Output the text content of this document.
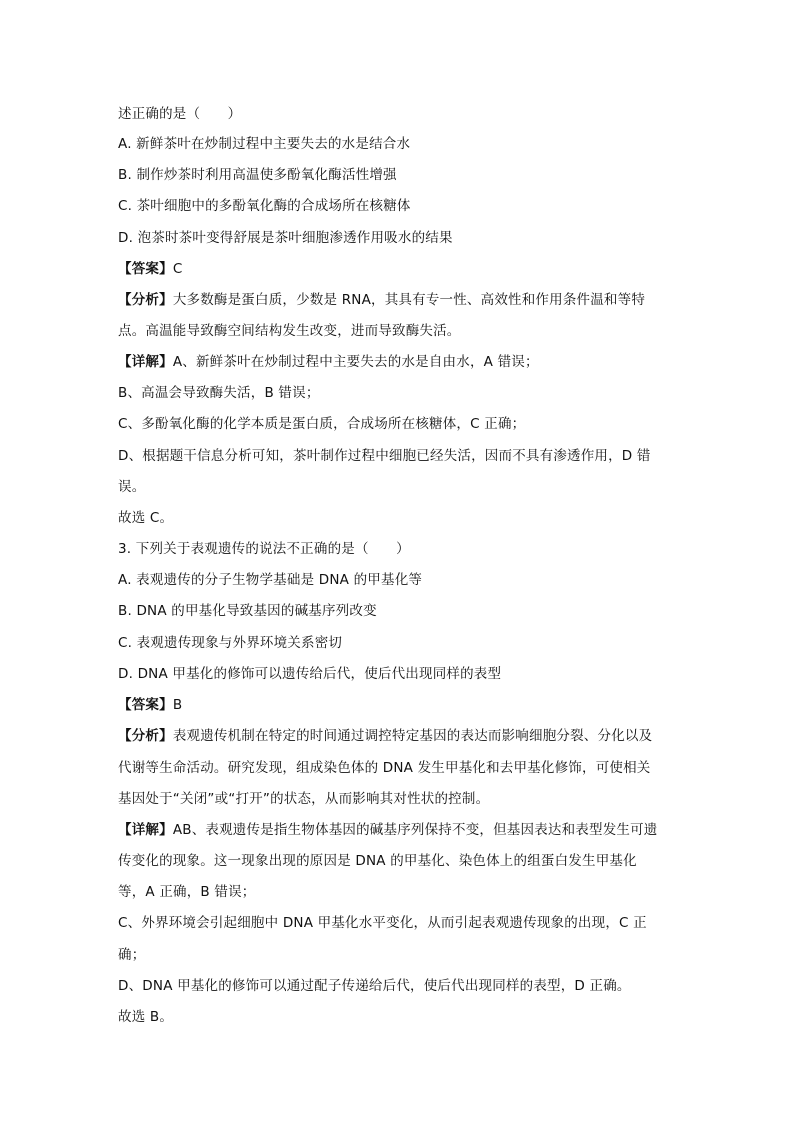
述正确的是（　　）
A. 新鲜茶叶在炒制过程中主要失去的水是结合水
B. 制作炒茶时利用高温使多酚氧化酶活性增强
C. 茶叶细胞中的多酚氧化酶的合成场所在核糖体
D. 泡茶时茶叶变得舒展是茶叶细胞渗透作用吸水的结果
【答案】C
【分析】大多数酶是蛋白质，少数是 RNA，其具有专一性、高效性和作用条件温和等特
点。高温能导致酶空间结构发生改变，进而导致酶失活。
【详解】A、新鲜茶叶在炒制过程中主要失去的水是自由水，A 错误；
B、高温会导致酶失活，B 错误；
C、多酚氧化酶的化学本质是蛋白质，合成场所在核糖体，C 正确；
D、根据题干信息分析可知，茶叶制作过程中细胞已经失活，因而不具有渗透作用，D 错
误。
故选 C。
3. 下列关于表观遗传的说法不正确的是（　　）
A. 表观遗传的分子生物学基础是 DNA 的甲基化等
B. DNA 的甲基化导致基因的碱基序列改变
C. 表观遗传现象与外界环境关系密切
D. DNA 甲基化的修饰可以遗传给后代，使后代出现同样的表型
【答案】B
【分析】表观遗传机制在特定的时间通过调控特定基因的表达而影响细胞分裂、分化以及
代谢等生命活动。研究发现，组成染色体的 DNA 发生甲基化和去甲基化修饰，可使相关
基因处于“关闭”或“打开”的状态，从而影响其对性状的控制。
【详解】AB、表观遗传是指生物体基因的碱基序列保持不变，但基因表达和表型发生可遗
传变化的现象。这一现象出现的原因是 DNA 的甲基化、染色体上的组蛋白发生甲基化
等，A 正确，B 错误；
C、外界环境会引起细胞中 DNA 甲基化水平变化，从而引起表观遗传现象的出现，C 正
确；
D、DNA 甲基化的修饰可以通过配子传递给后代，使后代出现同样的表型，D 正确。
故选 B。
